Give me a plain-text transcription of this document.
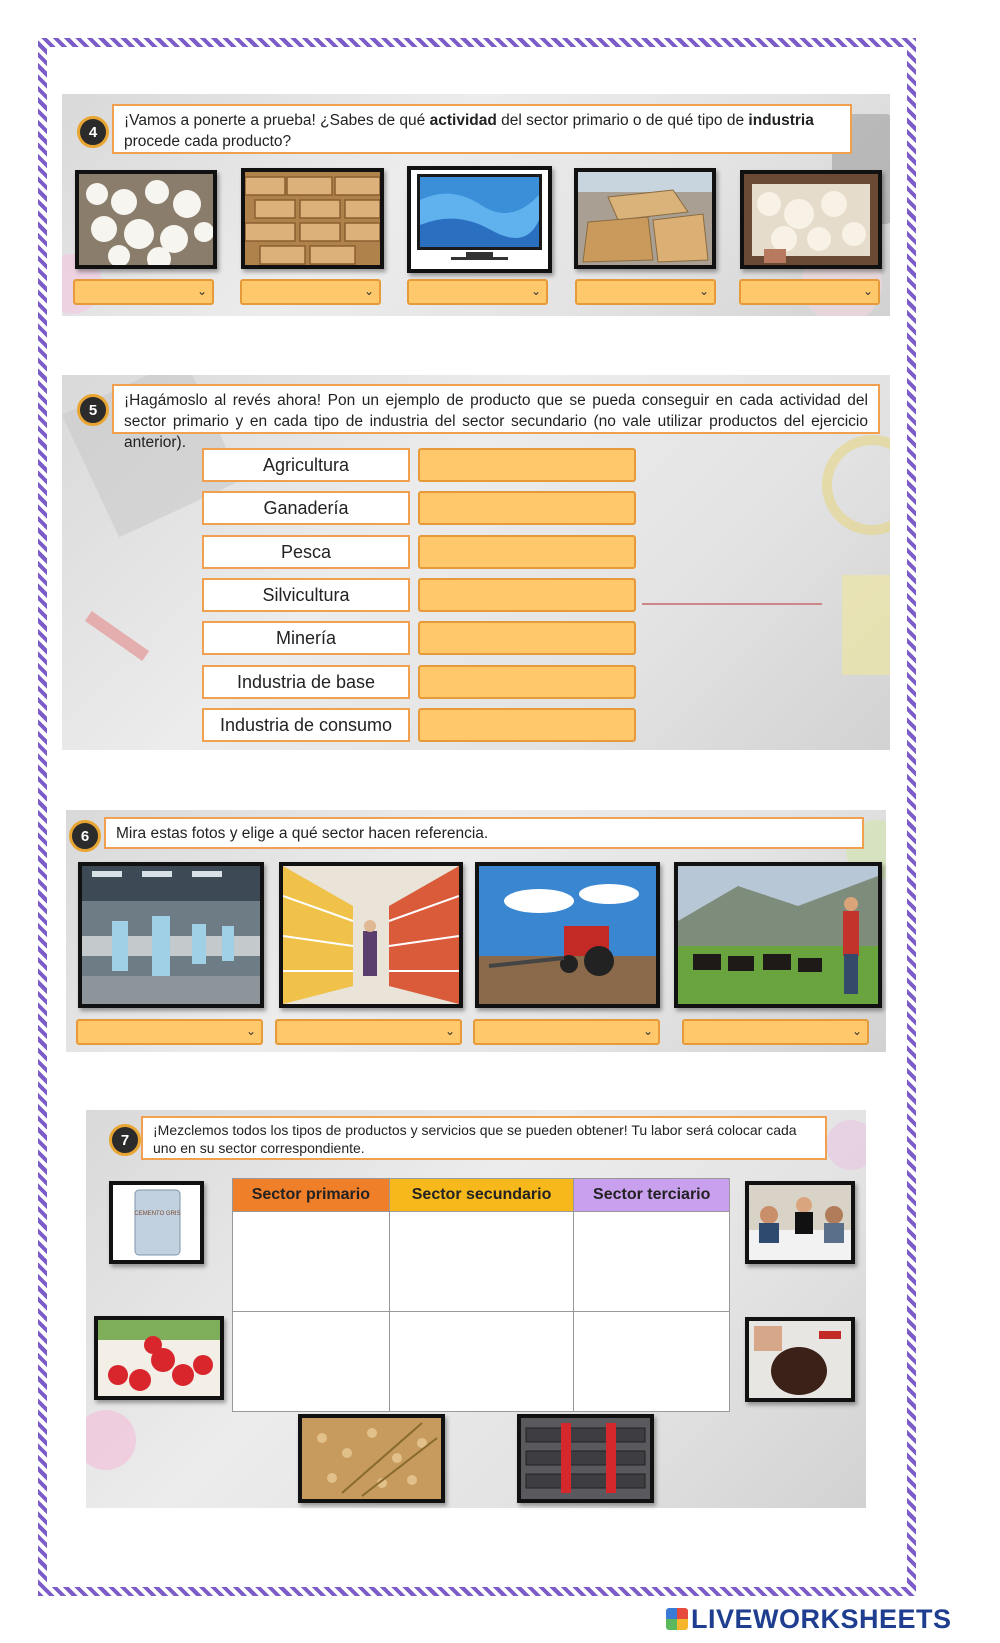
4
¡Vamos a ponerte a prueba! ¿Sabes de qué actividad del sector primario o de qué tipo de industria procede cada producto?
⌄	⌄	⌄	⌄	⌄
5
¡Hagámoslo al revés ahora! Pon un ejemplo de producto que se pueda conseguir en cada actividad del sector primario y en cada tipo de industria del sector secundario (no vale utilizar productos del ejercicio anterior).
Agricultura
Ganadería
Pesca
Silvicultura
Minería
Industria de base
Industria de consumo
6	Mira estas fotos y elige a qué sector hacen referencia.
⌄	⌄	⌄	⌄
7
¡Mezclemos todos los tipos de productos y servicios que se pueden obtener! Tu labor será colocar cada uno en su sector correspondiente.
Sector primario	Sector secundario	Sector terciario

CEMENTO GRIS
LIVEWORKSHEETS
